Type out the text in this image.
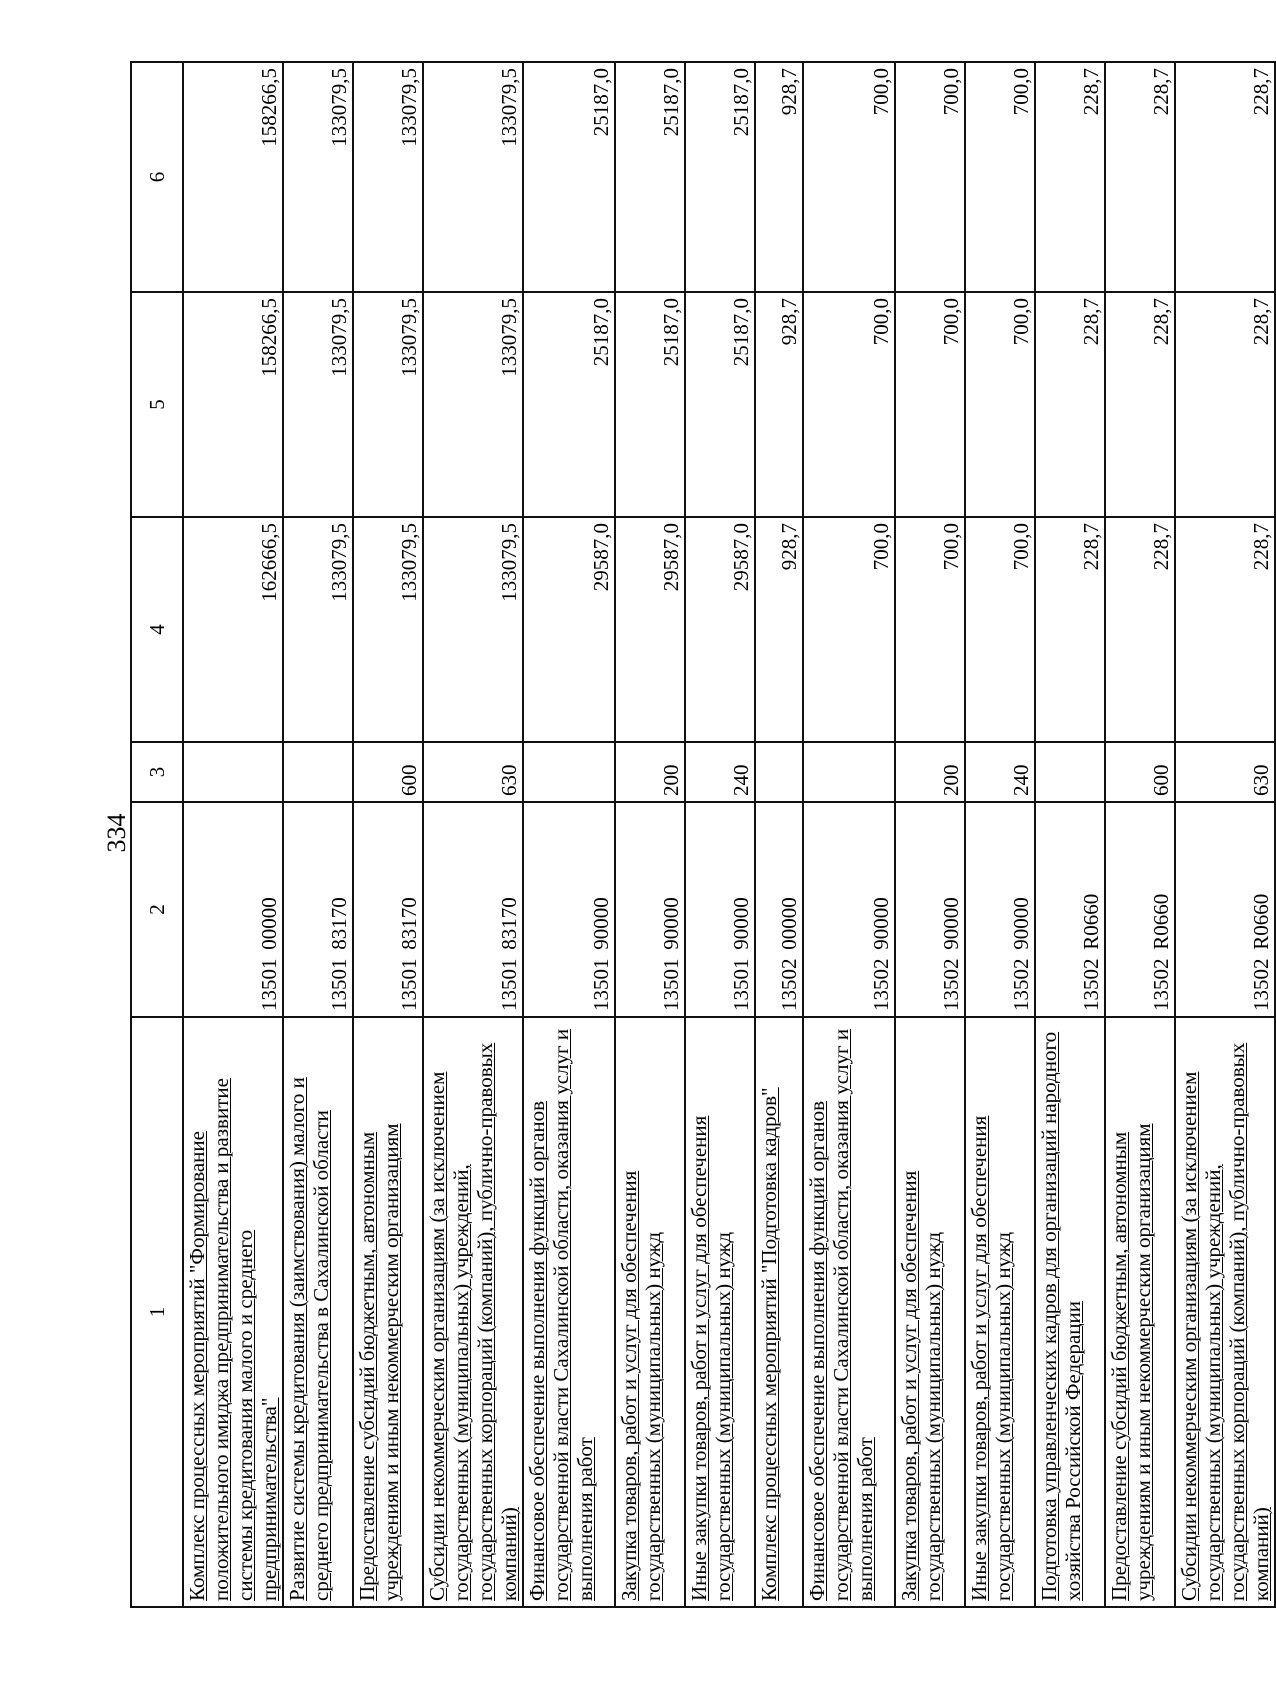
334
1	2	3	4	5	6
Комплекс процессных мероприятий "Формирование положительного имиджа предпринимательства и развитие системы кредитования малого и среднего предпринимательства"	13501 00000		162666,5	158266,5	158266,5
Развитие системы кредитования (заимствования) малого и среднего предпринимательства в Сахалинской области	13501 83170		133079,5	133079,5	133079,5
Предоставление субсидий бюджетным, автономным учреждениям и иным некоммерческим организациям	13501 83170	600	133079,5	133079,5	133079,5
Субсидии некоммерческим организациям (за исключением государственных (муниципальных) учреждений, государственных корпораций (компаний), публично-правовых компаний)	13501 83170	630	133079,5	133079,5	133079,5
Финансовое обеспечение выполнения функций органов государственной власти Сахалинской области, оказания услуг и выполнения работ	13501 90000		29587,0	25187,0	25187,0
Закупка товаров, работ и услуг для обеспечения государственных (муниципальных) нужд	13501 90000	200	29587,0	25187,0	25187,0
Иные закупки товаров, работ и услуг для обеспечения государственных (муниципальных) нужд	13501 90000	240	29587,0	25187,0	25187,0
Комплекс процессных мероприятий "Подготовка кадров"	13502 00000		928,7	928,7	928,7
Финансовое обеспечение выполнения функций органов государственной власти Сахалинской области, оказания услуг и выполнения работ	13502 90000		700,0	700,0	700,0
Закупка товаров, работ и услуг для обеспечения государственных (муниципальных) нужд	13502 90000	200	700,0	700,0	700,0
Иные закупки товаров, работ и услуг для обеспечения государственных (муниципальных) нужд	13502 90000	240	700,0	700,0	700,0
Подготовка управленческих кадров для организаций народного хозяйства Российской Федерации	13502 R0660		228,7	228,7	228,7
Предоставление субсидий бюджетным, автономным учреждениям и иным некоммерческим организациям	13502 R0660	600	228,7	228,7	228,7
Субсидии некоммерческим организациям (за исключением государственных (муниципальных) учреждений, государственных корпораций (компаний), публично-правовых компаний)	13502 R0660	630	228,7	228,7	228,7
